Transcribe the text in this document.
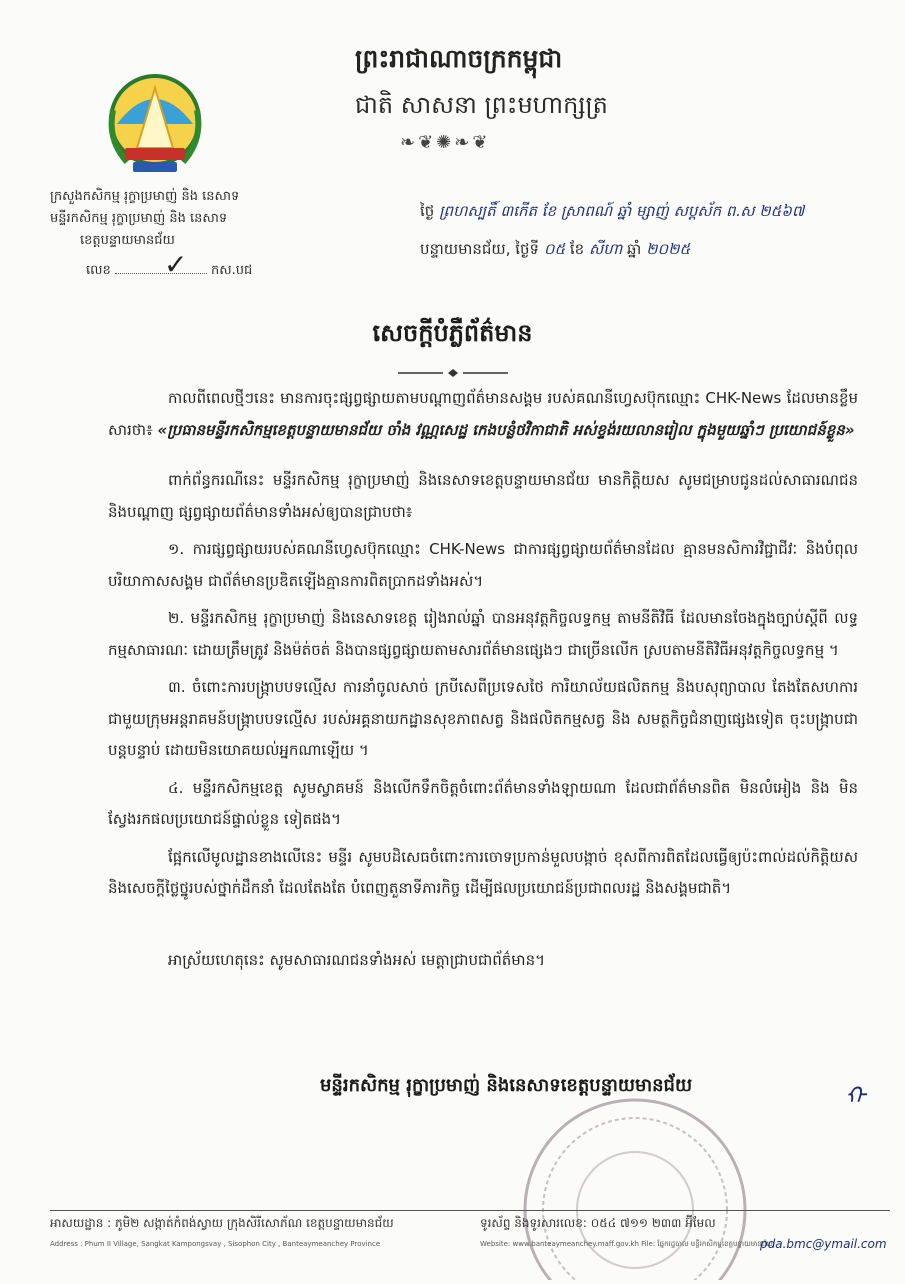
ព្រះរាជាណាចក្រកម្ពុជា
ជាតិ សាសនា ព្រះមហាក្សត្រ
❧❦✺❧❦
ក្រសួងកសិកម្ម រុក្ខាប្រមាញ់ និង នេសាទ
មន្ទីរកសិកម្ម រុក្ខាប្រមាញ់ និង នេសាទ
ខេត្តបន្ទាយមានជ័យ
លេខ	កស.បជ
✓
ថ្ងៃ ព្រហស្បតិ៍ ៣កើត ខែ ស្រាពណ៍ ឆ្នាំ ម្សាញ់ សប្តស័ក ព.ស ២៥៦៧
បន្ទាយមានជ័យ, ថ្ងៃទី ០៥ ខែ សីហា ឆ្នាំ ២០២៥
សេចក្តីបំភ្លឺព័ត៌មាន

កាលពីពេលថ្មីៗនេះ មានការចុះផ្សព្វផ្សាយតាមបណ្តាញព័ត៌មានសង្គម របស់គណនីហ្វេសប៊ុកឈ្មោះ CHK-News ដែលមានខ្លឹមសារថា៖ «ប្រធានមន្ទីរកសិកម្មខេត្តបន្ទាយមានជ័យ ចាំង វណ្ណសេដ្ឋ កេងបន្លំថវិកាជាតិ អស់ខ្ទង់រយលានរៀល ក្នុងមួយឆ្នាំៗ ប្រយោជន៍ខ្លួន»

ពាក់ព័ន្ធករណីនេះ មន្ទីរកសិកម្ម រុក្ខាប្រមាញ់ និងនេសាទខេត្តបន្ទាយមានជ័យ មានកិត្តិយស សូមជម្រាបជូនដល់សាធារណជន និងបណ្តាញ ផ្សព្វផ្សាយព័ត៌មានទាំងអស់ឲ្យបានជ្រាបថា៖

១. ការផ្សព្វផ្សាយរបស់គណនីហ្វេសប៊ុកឈ្មោះ CHK-News ជាការផ្សព្វផ្សាយព័ត៌មានដែល គ្មានមនសិការវិជ្ជាជីវៈ និងបំពុលបរិយាកាសសង្គម ជាព័ត៌មានប្រឌិតឡើងគ្មានការពិតប្រាកដទាំងអស់។

២. មន្ទីរកសិកម្ម រុក្ខាប្រមាញ់ និងនេសាទខេត្ត រៀងរាល់ឆ្នាំ បានអនុវត្តកិច្ចលទ្ធកម្ម តាមនីតិវិធី ដែលមានចែងក្នុងច្បាប់ស្តីពី លទ្ធកម្មសាធារណៈ ដោយត្រឹមត្រូវ និងម៉ត់ចត់ និងបានផ្សព្វផ្សាយតាមសារព័ត៌មានផ្សេងៗ ជាច្រើនលើក ស្របតាមនីតិវិធីអនុវត្តកិច្ចលទ្ធកម្ម ។

៣. ចំពោះការបង្ក្រាបបទល្មើស ការនាំចូលសាច់ ក្របីសេពីប្រទេសថៃ ការិយាល័យផលិតកម្ម និងបសុព្យាបាល តែងតែសហការជាមួយក្រុមអន្តរាគមន៍បង្ក្រាបបទល្មើស របស់អគ្គនាយកដ្ឋានសុខភាពសត្វ និងផលិតកម្មសត្វ និង សមត្ថកិច្ចជំនាញផ្សេងទៀត ចុះបង្ក្រាបជាបន្តបន្ទាប់ ដោយមិនយោគយល់អ្នកណាឡើយ ។

៤. មន្ទីរកសិកម្មខេត្ត សូមស្វាគមន៍ និងលើកទឹកចិត្តចំពោះព័ត៌មានទាំងឡាយណា ដែលជាព័ត៌មានពិត មិនលំអៀង និង មិនស្វែងរកផលប្រយោជន៍ផ្ទាល់ខ្លួន ទៀតផង។

ផ្អែកលើមូលដ្ឋានខាងលើនេះ មន្ទីរ សូមបដិសេធចំពោះការចោទប្រកាន់មួលបង្កាច់ ខុសពីការពិតដែលធ្វើឲ្យប៉ះពាល់ដល់កិត្តិយស និងសេចក្តីថ្លៃថ្នូរបស់ថ្នាក់ដឹកនាំ ដែលតែងតែ បំពេញតួនាទីភារកិច្ច ដើម្បីផលប្រយោជន៍ប្រជាពលរដ្ឋ និងសង្គមជាតិ។

អាស្រ័យហេតុនេះ សូមសាធារណជនទាំងអស់ មេត្តាជ្រាបជាព័ត៌មាន។

មន្ទីរកសិកម្ម រុក្ខាប្រមាញ់ និងនេសាទខេត្តបន្ទាយមានជ័យ	ᠬ
អាសយដ្ឋាន : ភូមិ២ សង្កាត់កំពង់ស្វាយ ក្រុងសិរីសោភ័ណ ខេត្តបន្ទាយមានជ័យ
Address : Phum II Village, Sangkat Kampongsvay , Sisophon City , Banteaymeanchey Province
ទូរស័ព្ទ និងទូរសារលេខ: ០៥៤ ៧១១ ២៣៣ អ៊ីមែល
Website: www.banteaymeanchey.maff.gov.kh File: ផ្នែករដ្ឋបាល មន្ទីរកសិកម្មខេត្តបន្ទាយមានជ័យ
pda.bmc@ymail.com
